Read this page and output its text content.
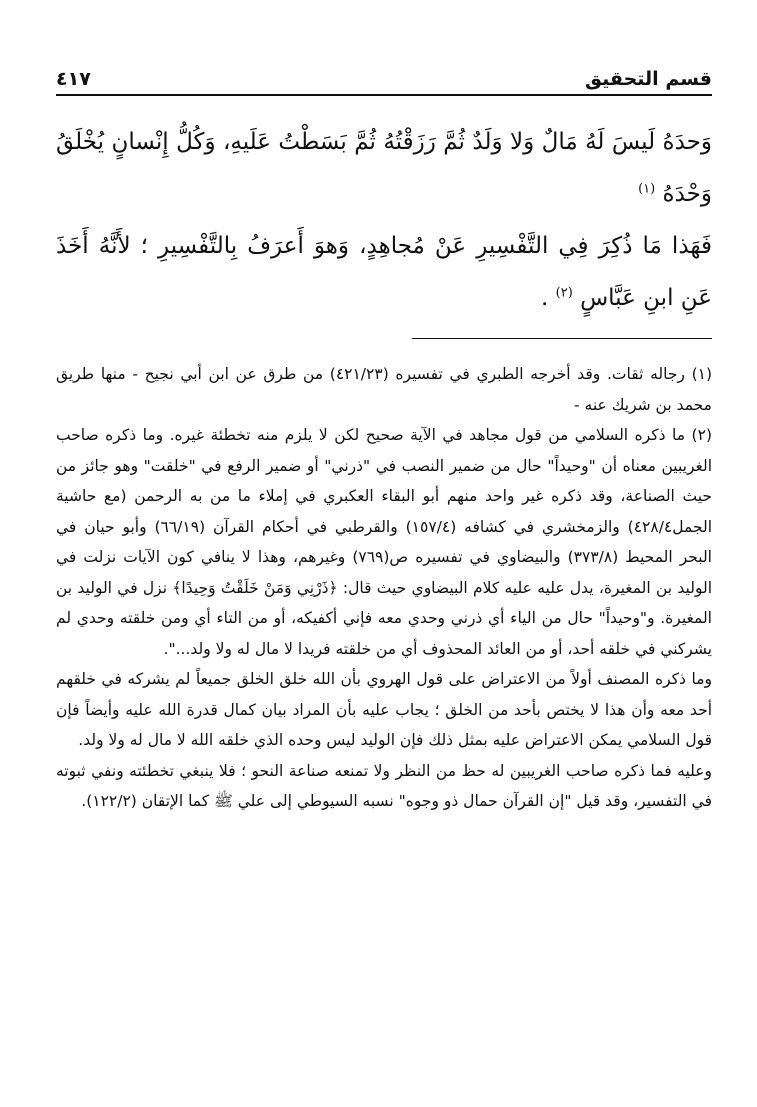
قسم التحقيق
٤١٧

وَحدَهُ لَيسَ لَهُ مَالٌ وَلا وَلَدٌ ثُمَّ رَزَقْتُهُ ثُمَّ بَسَطْتُ عَلَيهِ، وَكُلُّ إِنْسانٍ يُخْلَقُ وَحْدَهُ $^{(١)}$

فَهَذا مَا ذُكِرَ فِي التَّفْسِيرِ عَنْ مُجاهِدٍ، وَهوَ أَعرَفُ بِالتَّفْسِيرِ ؛ لأَنَّهُ أَخَذَ عَنِ ابنِ عَبَّاسٍ $^{(٢)}$ .

(١) رجاله ثقات. وقد أخرجه الطبري في تفسيره (٤٢١/٢٣) من طرق عن ابن أبي نجيح - منها طريق محمد بن شريك عنه -

(٢) ما ذكره السلامي من قول مجاهد في الآية صحيح لكن لا يلزم منه تخطئة غيره. وما ذكره صاحب الغريبين معناه أن "وحيداً" حال من ضمير النصب في "ذرني" أو ضمير الرفع في "خلقت" وهو جائز من حيث الصناعة، وقد ذكره غير واحد منهم أبو البقاء العكبري في إملاء ما من به الرحمن (مع حاشية الجمل٤٢٨/٤) والزمخشري في كشافه (١٥٧/٤) والقرطبي في أحكام القرآن (٦٦/١٩) وأبو حيان في البحر المحيط (٣٧٣/٨) والبيضاوي في تفسيره ص(٧٦٩) وغيرهم، وهذا لا ينافي كون الآيات نزلت في الوليد بن المغيرة، يدل عليه عليه كلام البيضاوي حيث قال: ﴿ذَرْنِي وَمَنْ خَلَقْتُ وَحِيدًا﴾ نزل في الوليد بن المغيرة. و"وحيداً" حال من الياء أي ذرني وحدي معه فإني أكفيكه، أو من التاء أي ومن خلقته وحدي لم يشركني في خلقه أحد، أو من العائد المحذوف أي من خلقته فريدا لا مال له ولا ولد...".

وما ذكره المصنف أولاً من الاعتراض على قول الهروي بأن الله خلق الخلق جميعاً لم يشركه في خلقهم أحد معه وأن هذا لا يختص بأحد من الخلق ؛ يجاب عليه بأن المراد بيان كمال قدرة الله عليه وأيضاً فإن قول السلامي يمكن الاعتراض عليه بمثل ذلك فإن الوليد ليس وحده الذي خلقه الله لا مال له ولا ولد.

وعليه فما ذكره صاحب الغريبين له حظ من النظر ولا تمنعه صناعة النحو ؛ فلا ينبغي تخطئته ونفي ثبوته في التفسير، وقد قيل "إن القرآن حمال ذو وجوه" نسبه السيوطي إلى علي ﷺ كما الإتقان (١٢٢/٢).
